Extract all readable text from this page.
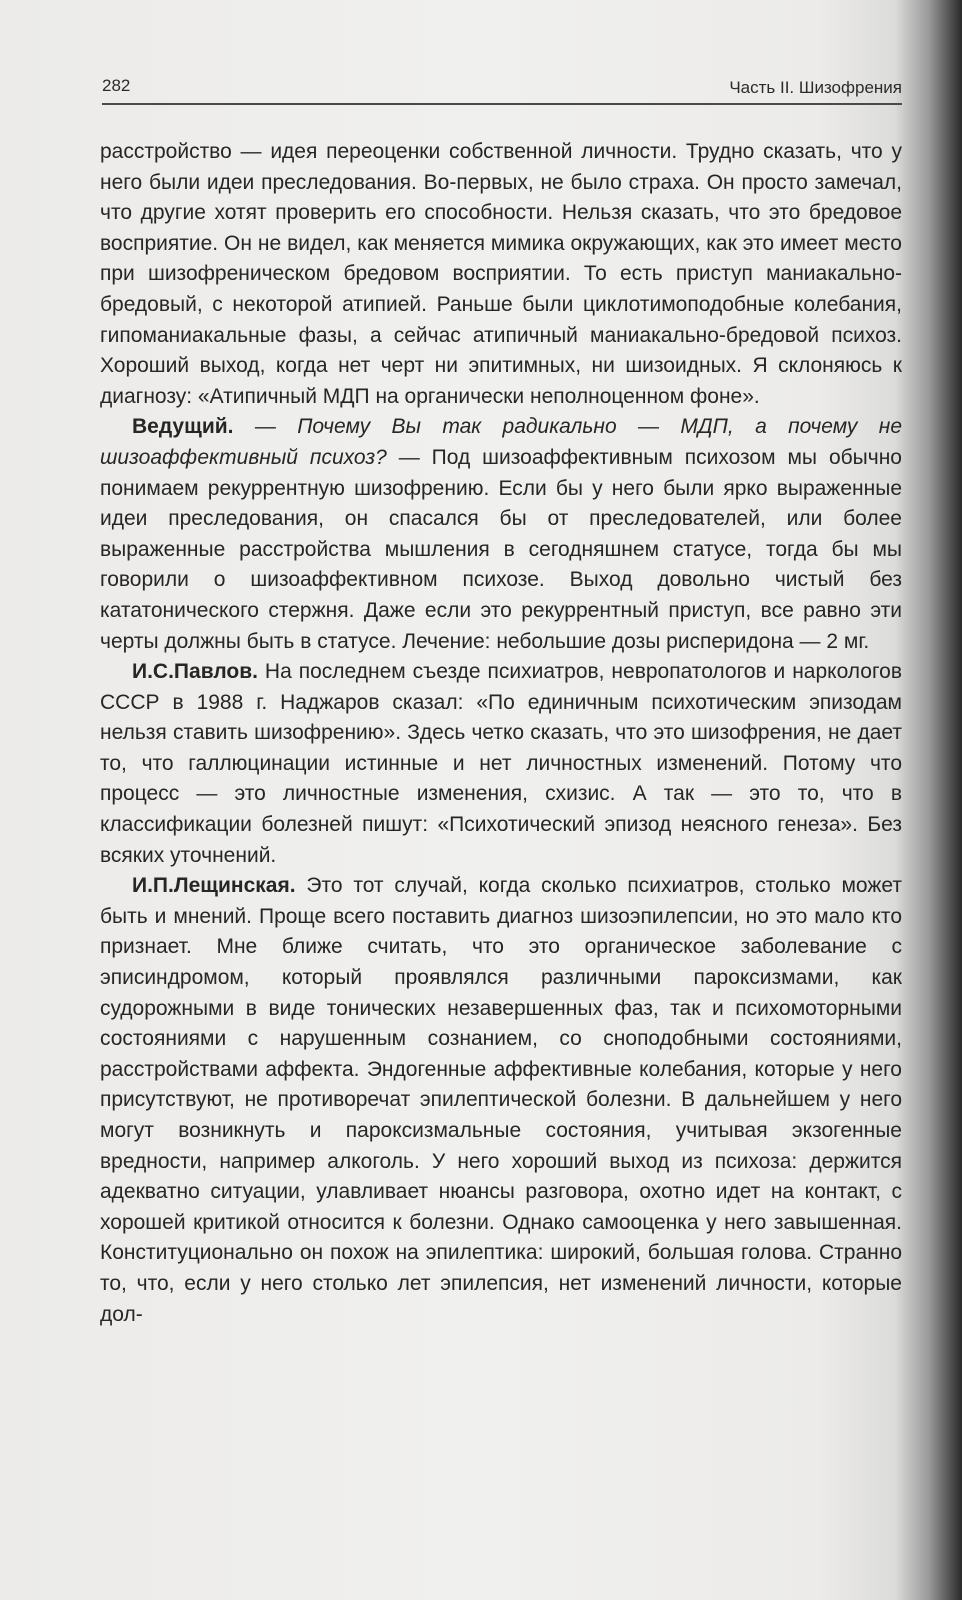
282	Часть II. Шизофрения

расстройство — идея переоценки собственной личности. Трудно сказать, что у него были идеи преследования. Во-первых, не было страха. Он просто замечал, что другие хотят проверить его способности. Нельзя сказать, что это бредовое восприятие. Он не видел, как меняется мимика окружающих, как это имеет место при шизофреническом бредовом восприятии. То есть приступ маниакально-бредовый, с некоторой атипией. Раньше были циклотимоподобные колебания, гипоманиакальные фазы, а сейчас атипичный маниакально-бредовой психоз. Хороший выход, когда нет черт ни эпитимных, ни шизоидных. Я склоняюсь к диагнозу: «Атипичный МДП на органически неполноценном фоне».

Ведущий. — Почему Вы так радикально — МДП, а почему не шизоаффективный психоз? — Под шизоаффективным психозом мы обычно понимаем рекуррентную шизофрению. Если бы у него были ярко выраженные идеи преследования, он спасался бы от преследователей, или более выраженные расстройства мышления в сегодняшнем статусе, тогда бы мы говорили о шизоаффективном психозе. Выход довольно чистый без кататонического стержня. Даже если это рекуррентный приступ, все равно эти черты должны быть в статусе. Лечение: небольшие дозы рисперидона — 2 мг.

И.С.Павлов. На последнем съезде психиатров, невропатологов и наркологов СССР в 1988 г. Наджаров сказал: «По единичным психотическим эпизодам нельзя ставить шизофрению». Здесь четко сказать, что это шизофрения, не дает то, что галлюцинации истинные и нет личностных изменений. Потому что процесс — это личностные изменения, схизис. А так — это то, что в классификации болезней пишут: «Психотический эпизод неясного генеза». Без всяких уточнений.

И.П.Лещинская. Это тот случай, когда сколько психиатров, столько может быть и мнений. Проще всего поставить диагноз шизоэпилепсии, но это мало кто признает. Мне ближе считать, что это органическое заболевание с эписиндромом, который проявлялся различными пароксизмами, как судорожными в виде тонических незавершенных фаз, так и психомоторными состояниями с нарушенным сознанием, со сноподобными состояниями, расстройствами аффекта. Эндогенные аффективные колебания, которые у него присутствуют, не противоречат эпилептической болезни. В дальнейшем у него могут возникнуть и пароксизмальные состояния, учитывая экзогенные вредности, например алкоголь. У него хороший выход из психоза: держится адекватно ситуации, улавливает нюансы разговора, охотно идет на контакт, с хорошей критикой относится к болезни. Однако самооценка у него завышенная. Конституционально он похож на эпилептика: широкий, большая голова. Странно то, что, если у него столько лет эпилепсия, нет изменений личности, которые дол-
